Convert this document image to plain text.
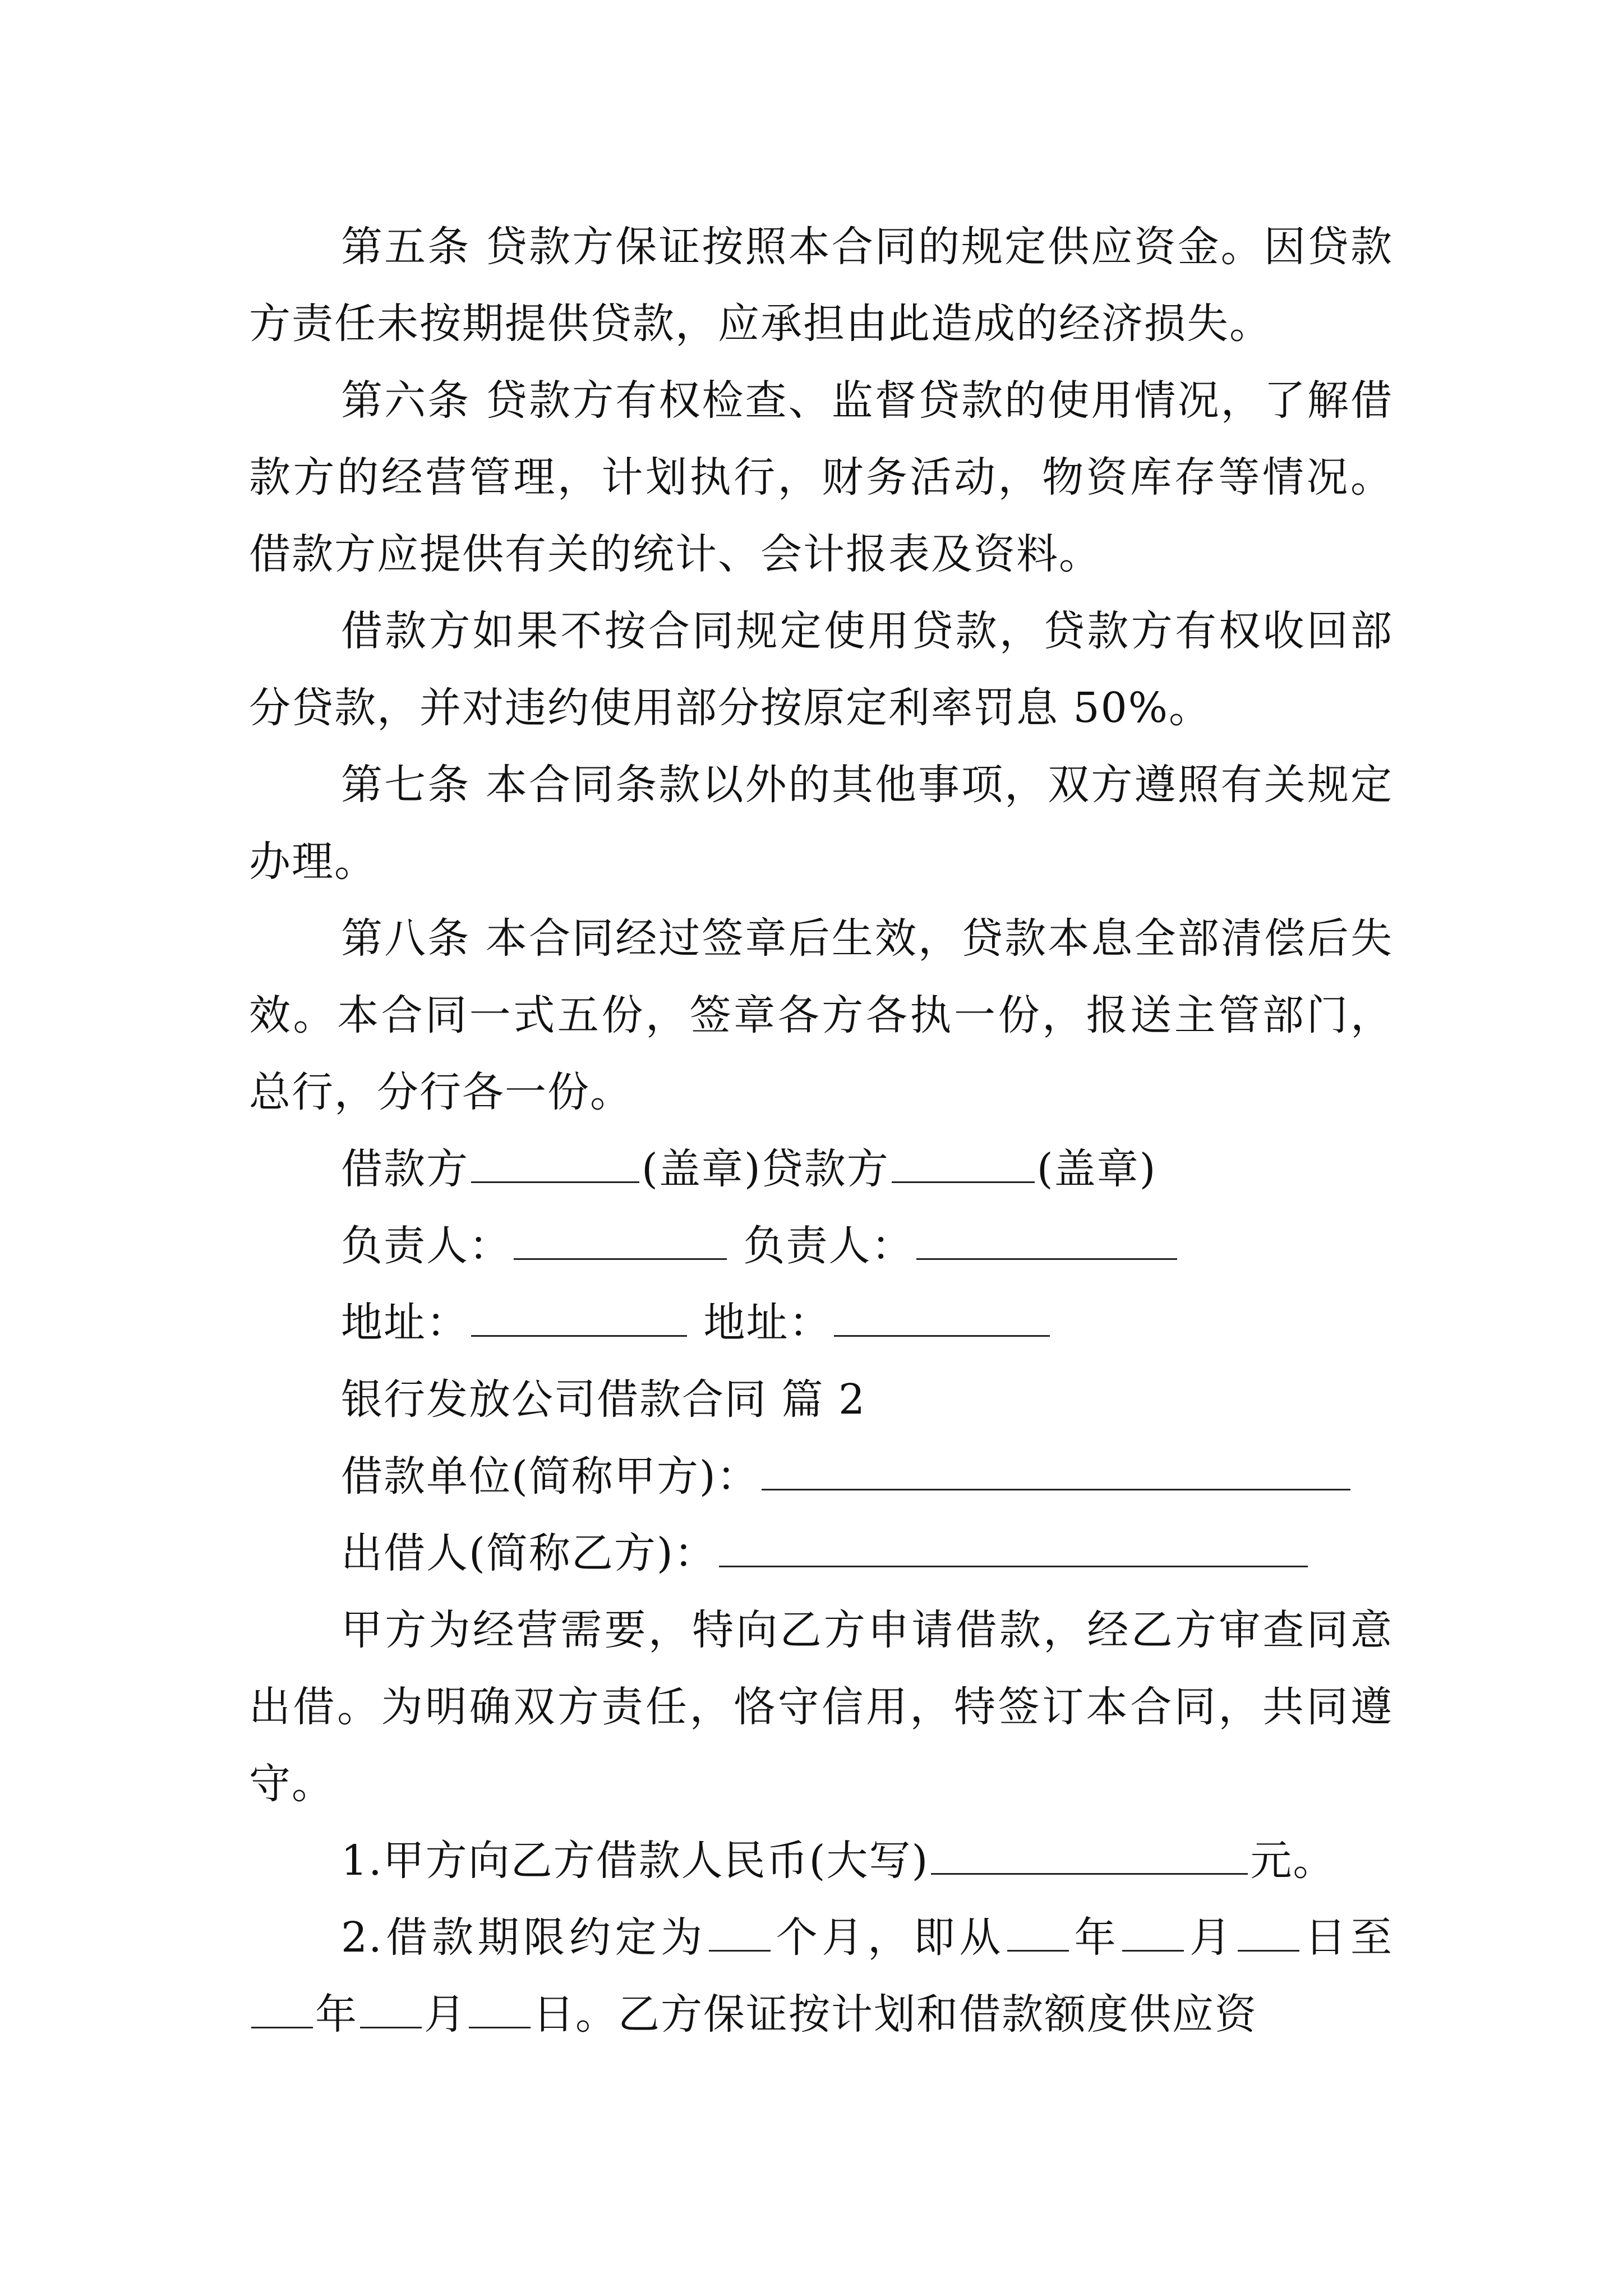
第五条 贷款方保证按照本合同的规定供应资金。因贷款方责任未按期提供贷款，应承担由此造成的经济损失。

第六条 贷款方有权检查、监督贷款的使用情况，了解借款方的经营管理，计划执行，财务活动，物资库存等情况。借款方应提供有关的统计、会计报表及资料。

借款方如果不按合同规定使用贷款，贷款方有权收回部分贷款，并对违约使用部分按原定利率罚息 50%。

第七条 本合同条款以外的其他事项，双方遵照有关规定办理。

第八条 本合同经过签章后生效，贷款本息全部清偿后失效。本合同一式五份，签章各方各执一份，报送主管部门，总行，分行各一份。

借款方	(盖章)贷款方	(盖章)
负责人：	负责人：
地址：	地址：
银行发放公司借款合同 篇 2
借款单位(简称甲方)：
出借人(简称乙方)：

甲方为经营需要，特向乙方申请借款，经乙方审查同意出借。为明确双方责任，恪守信用，特签订本合同，共同遵守。

1.甲方向乙方借款人民币(大写)	元。

2.借款期限约定为 个月，即从 年 月 日至年 月 日。乙方保证按计划和借款额度供应资
